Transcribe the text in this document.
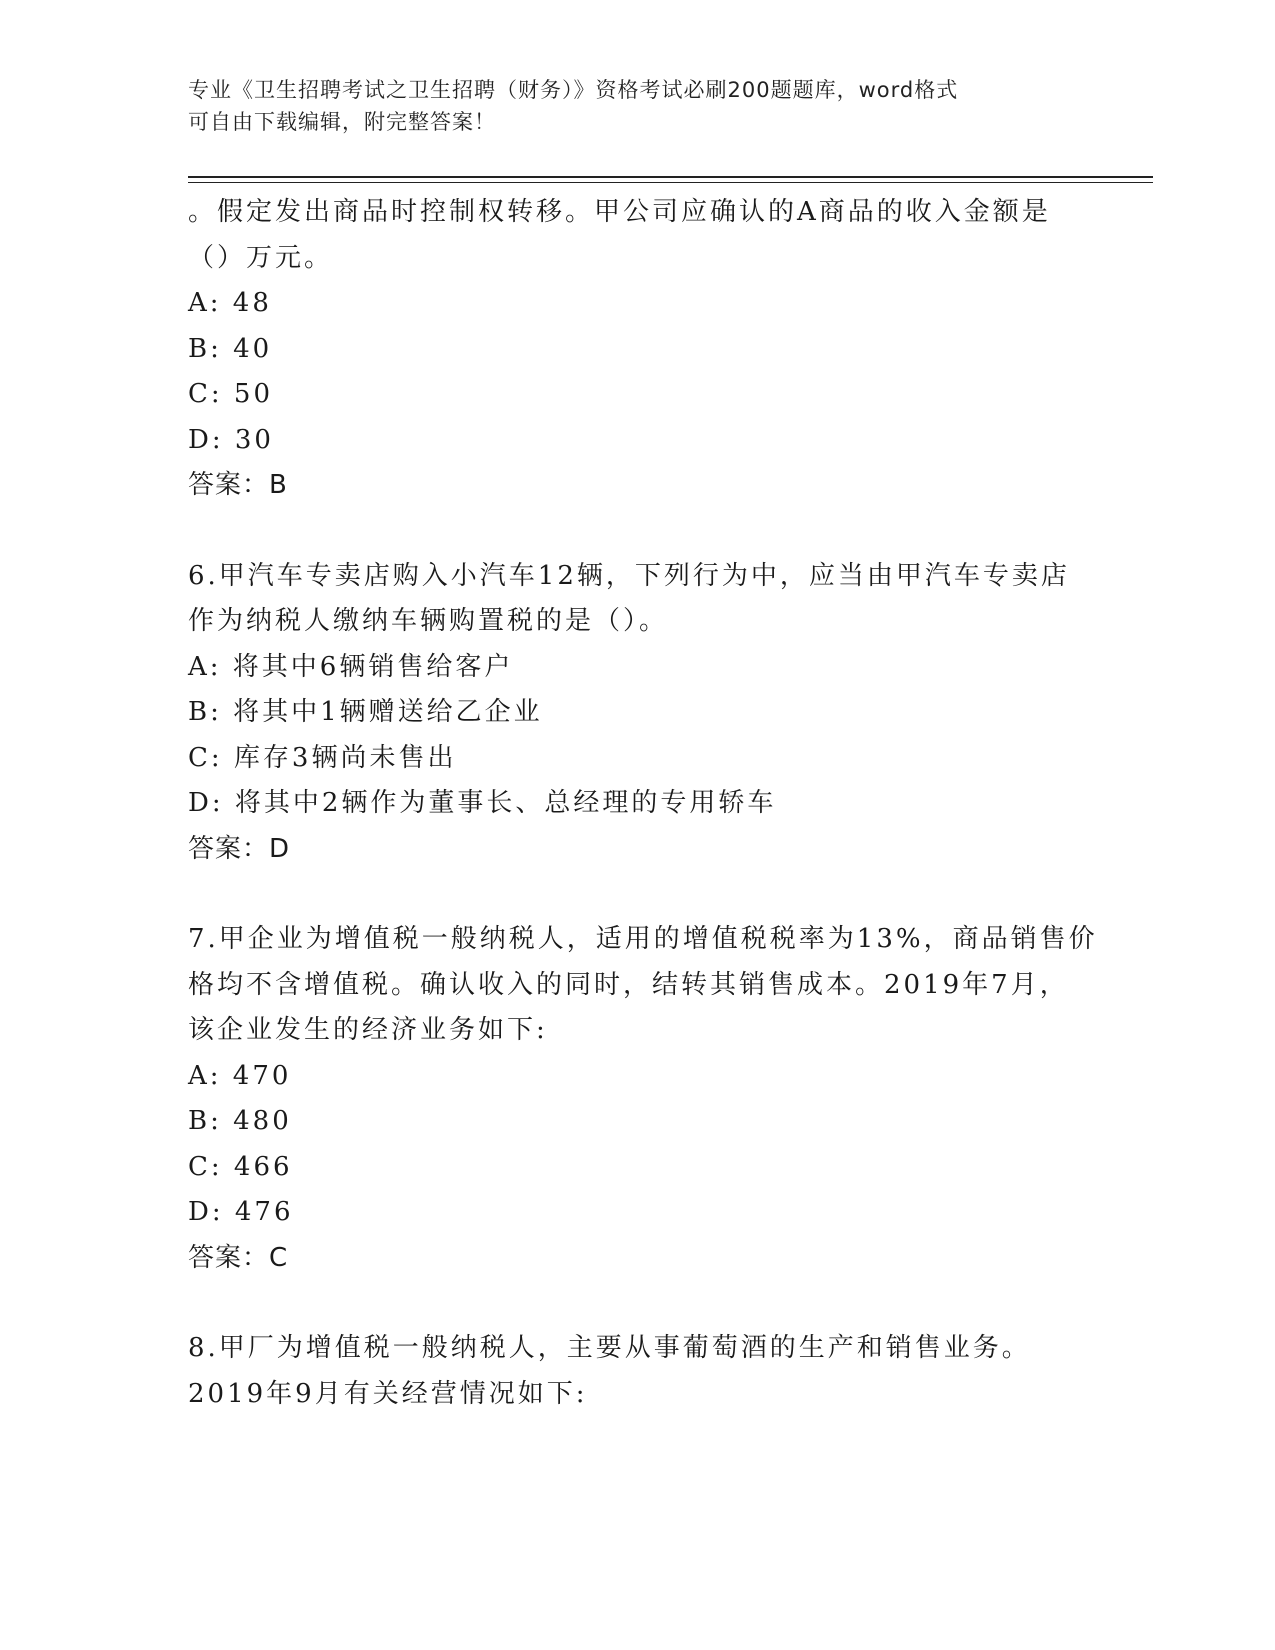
专业《卫生招聘考试之卫生招聘（财务）》资格考试必刷200题题库，word格式
可自由下载编辑，附完整答案！

。假定发出商品时控制权转移。甲公司应确认的A商品的收入金额是

（）万元。

A: 48

B: 40

C: 50

D: 30

答案：B

6.甲汽车专卖店购入小汽车12辆，下列行为中，应当由甲汽车专卖店

作为纳税人缴纳车辆购置税的是（）。

A: 将其中6辆销售给客户

B: 将其中1辆赠送给乙企业

C: 库存3辆尚未售出

D: 将其中2辆作为董事长、总经理的专用轿车

答案：D

7.甲企业为增值税一般纳税人，适用的增值税税率为13%，商品销售价

格均不含增值税。确认收入的同时，结转其销售成本。2019年7月，

该企业发生的经济业务如下:

A: 470

B: 480

C: 466

D: 476

答案：C

8.甲厂为增值税一般纳税人，主要从事葡萄酒的生产和销售业务。

2019年9月有关经营情况如下:
